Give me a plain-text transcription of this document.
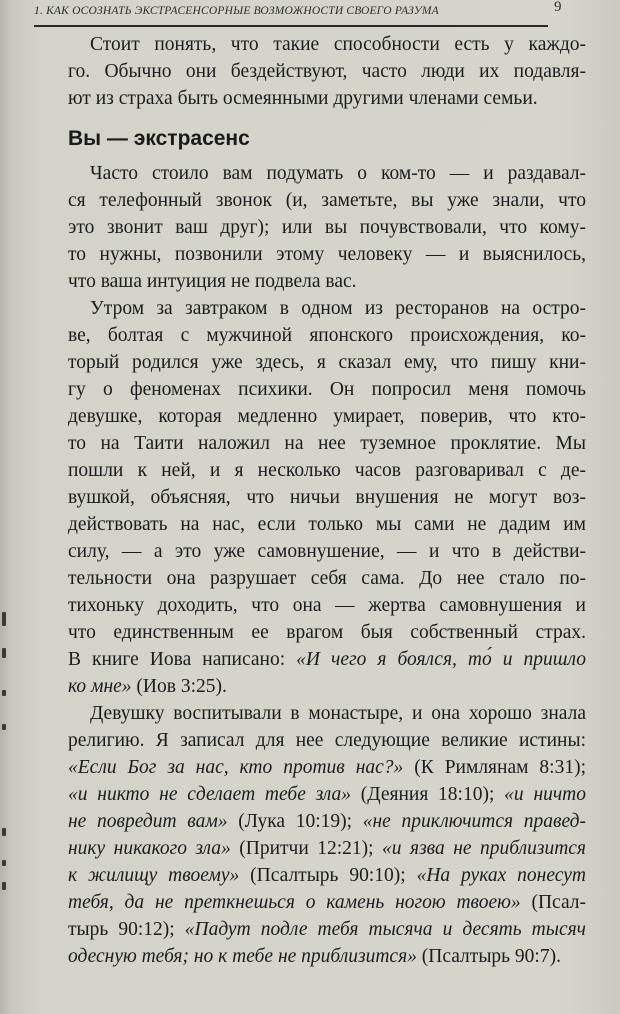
1. КАК ОСОЗНАТЬ ЭКСТРАСЕНСОРНЫЕ ВОЗМОЖНОСТИ СВОЕГО РАЗУМА	9
Вы — экстрасенс
Стоит понять, что такие способности есть у каждо-
го. Обычно они бездействуют, часто люди их подавля-
ют из страха быть осмеянными другими членами семьи.
Часто стоило вам подумать о ком-то — и раздавал-
ся телефонный звонок (и, заметьте, вы уже знали, что
это звонит ваш друг); или вы почувствовали, что кому-
то нужны, позвонили этому человеку — и выяснилось,
что ваша интуиция не подвела вас.
Утром за завтраком в одном из ресторанов на остро-
ве, болтая с мужчиной японского происхождения, ко-
торый родился уже здесь, я сказал ему, что пишу кни-
гу о феноменах психики. Он попросил меня помочь
девушке, которая медленно умирает, поверив, что кто-
то на Таити наложил на нее туземное проклятие. Мы
пошли к ней, и я несколько часов разговаривал с де-
вушкой, объясняя, что ничьи внушения не могут воз-
действовать на нас, если только мы сами не дадим им
силу, — а это уже самовнушение, — и что в действи-
тельности она разрушает себя сама. До нее стало по-
тихоньку доходить, что она — жертва самовнушения и
что единственным ее врагом быя собственный страх.
В книге Иова написано: «И чего я боялся, то́ и пришло
ко мне» (Иов 3:25).
Девушку воспитывали в монастыре, и она хорошо знала
религию. Я записал для нее следующие великие истины:
«Если Бог за нас, кто против нас?» (К Римлянам 8:31);
«и никто не сделает тебе зла» (Деяния 18:10); «и ничто
не повредит вам» (Лука 10:19); «не приключится правед-
нику никакого зла» (Притчи 12:21); «и язва не приблизится
к жилищу твоему» (Псалтырь 90:10); «На руках понесут
тебя, да не преткнешься о камень ногою твоею» (Псал-
тырь 90:12); «Падут подле тебя тысяча и десять тысяч
одесную тебя; но к тебе не приблизится» (Псалтырь 90:7).
